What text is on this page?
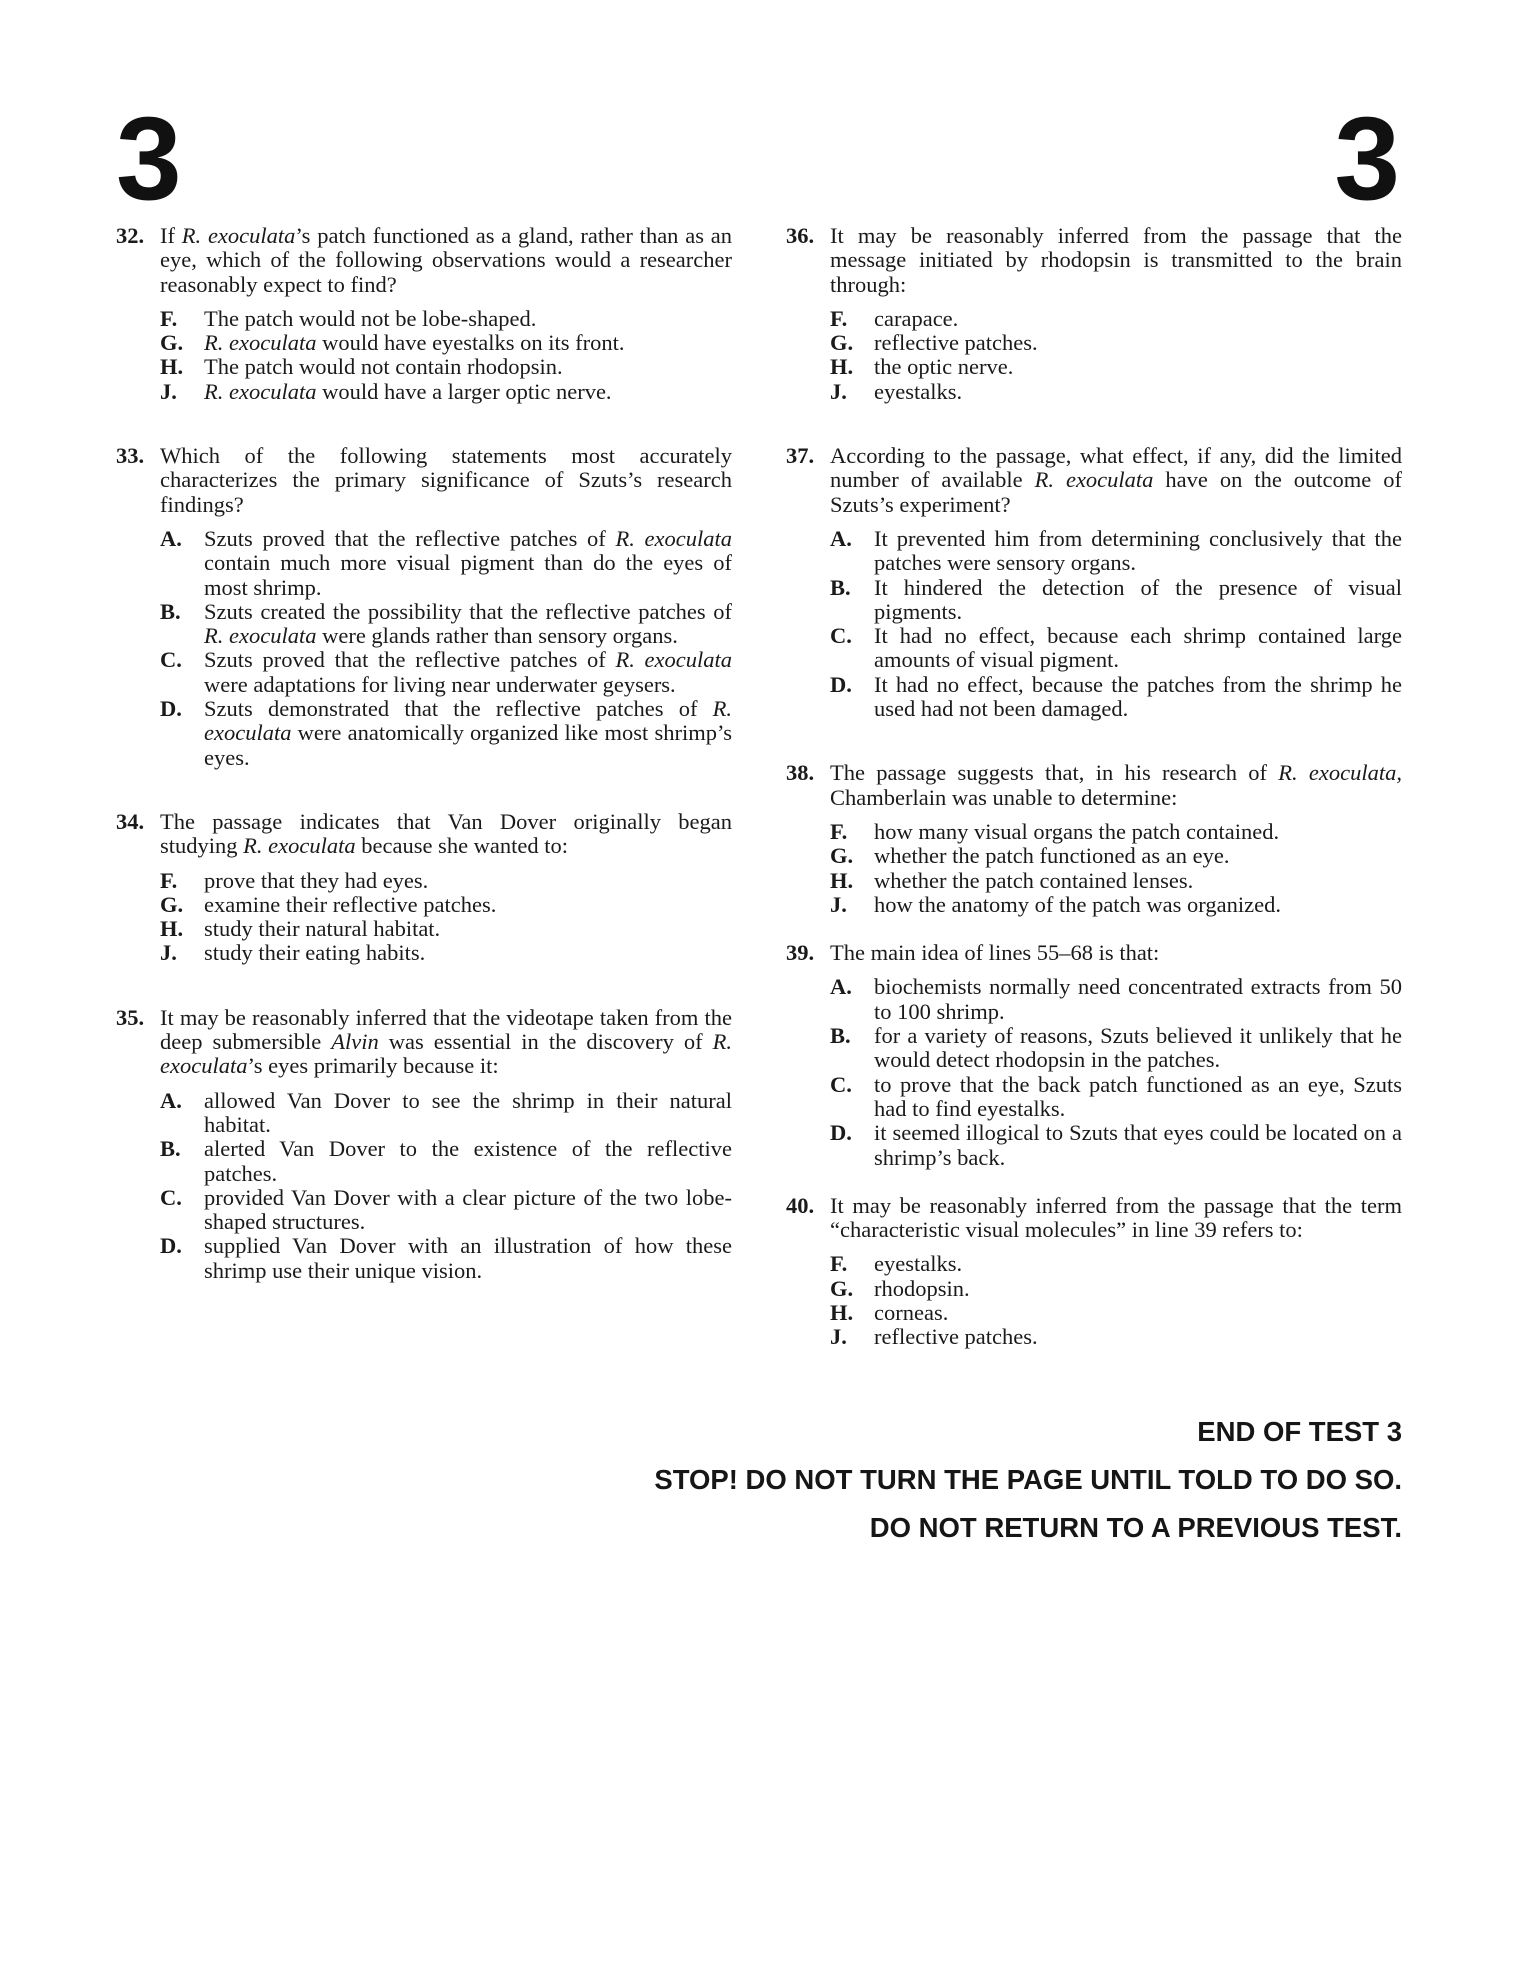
3	3
32. If R. exoculata’s patch functioned as a gland, rather than as an eye, which of the following observations would a researcher reasonably expect to find?
F.	The patch would not be lobe-shaped.
G. R. exoculata would have eyestalks on its front.
H. The patch would not contain rhodopsin.
J.	R. exoculata would have a larger optic nerve.
33. Which of the following statements most accurately characterizes the primary significance of Szuts’s research findings?
A. Szuts proved that the reflective patches of R. exoculata contain much more visual pigment than do the eyes of most shrimp.
B.	Szuts created the possibility that the reflective patches of R. exoculata were glands rather than sensory organs.
C. Szuts proved that the reflective patches of R. exoculata were adaptations for living near underwater geysers.
D. Szuts demonstrated that the reflective patches of R. exoculata were anatomically organized like most shrimp’s eyes.
34. The passage indicates that Van Dover originally began studying R. exoculata because she wanted to:
F.	prove that they had eyes.
G. examine their reflective patches.
H. study their natural habitat.
J.	study their eating habits.
35. It may be reasonably inferred that the videotape taken from the deep submersible Alvin was essential in the discovery of R. exoculata’s eyes primarily because it:
A. allowed Van Dover to see the shrimp in their natural habitat.
B.	alerted Van Dover to the existence of the reflective patches.
C. provided Van Dover with a clear picture of the two lobe-shaped structures.
D. supplied Van Dover with an illustration of how these shrimp use their unique vision.
36. It may be reasonably inferred from the passage that the message initiated by rhodopsin is transmitted to the brain through:
F.	carapace.
G. reflective patches.
H. the optic nerve.
J.	eyestalks.
37. According to the passage, what effect, if any, did the limited number of available R. exoculata have on the outcome of Szuts’s experiment?
A. It prevented him from determining conclusively that the patches were sensory organs.
B.	It hindered the detection of the presence of visual pigments.
C. It had no effect, because each shrimp contained large amounts of visual pigment.
D. It had no effect, because the patches from the shrimp he used had not been damaged.
38. The passage suggests that, in his research of R. exoculata, Chamberlain was unable to determine:
F.	how many visual organs the patch contained.
G. whether the patch functioned as an eye.
H. whether the patch contained lenses.
J.	how the anatomy of the patch was organized.
39. The main idea of lines 55–68 is that:
A. biochemists normally need concentrated extracts from 50 to 100 shrimp.
B.	for a variety of reasons, Szuts believed it unlikely that he would detect rhodopsin in the patches.
C. to prove that the back patch functioned as an eye, Szuts had to find eyestalks.
D. it seemed illogical to Szuts that eyes could be located on a shrimp’s back.
40. It may be reasonably inferred from the passage that the term “characteristic visual molecules” in line 39 refers to:
F.	eyestalks.
G. rhodopsin.
H. corneas.
J.	reflective patches.
END OF TEST 3
STOP! DO NOT TURN THE PAGE UNTIL TOLD TO DO SO.
DO NOT RETURN TO A PREVIOUS TEST.
